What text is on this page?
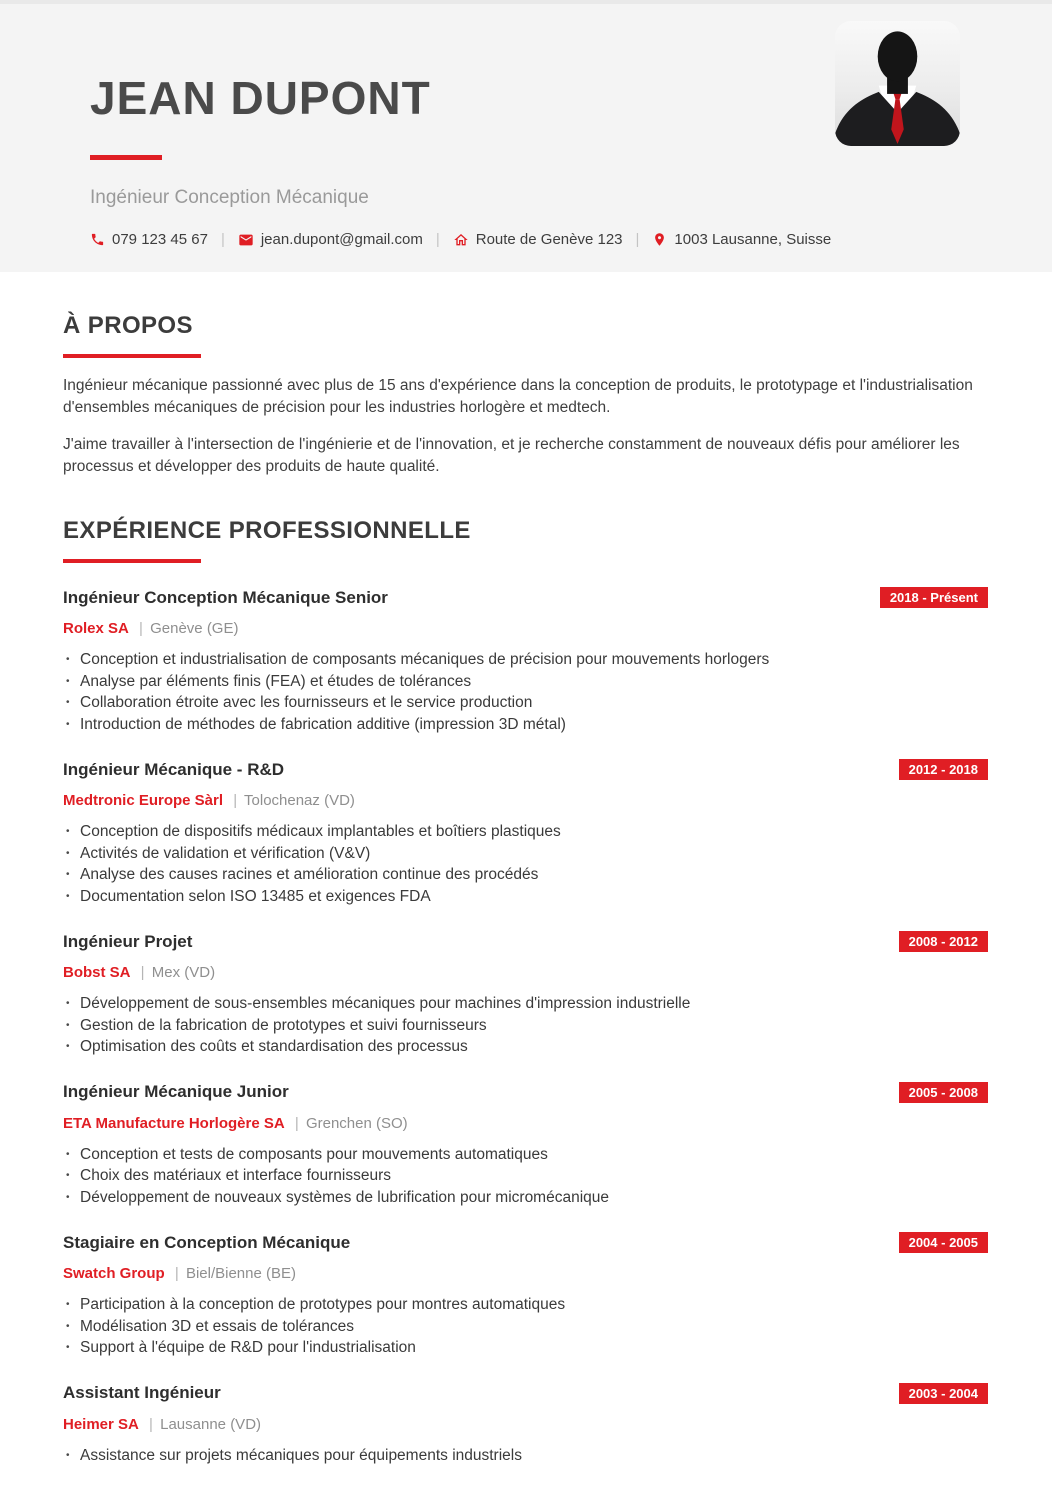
JEAN DUPONT
Ingénieur Conception Mécanique
079 123 45 67 | jean.dupont@gmail.com | Route de Genève 123 | 1003 Lausanne, Suisse
À PROPOS

Ingénieur mécanique passionné avec plus de 15 ans d'expérience dans la conception de produits, le prototypage et l'industrialisation d'ensembles mécaniques de précision pour les industries horlogère et medtech.

J'aime travailler à l'intersection de l'ingénierie et de l'innovation, et je recherche constamment de nouveaux défis pour améliorer les processus et développer des produits de haute qualité.

EXPÉRIENCE PROFESSIONNELLE
Ingénieur Conception Mécanique Senior	2018 - Présent
Rolex SA | Genève (GE)
• Conception et industrialisation de composants mécaniques de précision pour mouvements horlogers
• Analyse par éléments finis (FEA) et études de tolérances
• Collaboration étroite avec les fournisseurs et le service production
• Introduction de méthodes de fabrication additive (impression 3D métal)
Ingénieur Mécanique - R&D	2012 - 2018
Medtronic Europe Sàrl | Tolochenaz (VD)
• Conception de dispositifs médicaux implantables et boîtiers plastiques
• Activités de validation et vérification (V&V)
• Analyse des causes racines et amélioration continue des procédés
• Documentation selon ISO 13485 et exigences FDA
Ingénieur Projet	2008 - 2012
Bobst SA | Mex (VD)
• Développement de sous-ensembles mécaniques pour machines d'impression industrielle
• Gestion de la fabrication de prototypes et suivi fournisseurs
• Optimisation des coûts et standardisation des processus
Ingénieur Mécanique Junior	2005 - 2008
ETA Manufacture Horlogère SA | Grenchen (SO)
• Conception et tests de composants pour mouvements automatiques
• Choix des matériaux et interface fournisseurs
• Développement de nouveaux systèmes de lubrification pour micromécanique
Stagiaire en Conception Mécanique	2004 - 2005
Swatch Group | Biel/Bienne (BE)
• Participation à la conception de prototypes pour montres automatiques
• Modélisation 3D et essais de tolérances
• Support à l'équipe de R&D pour l'industrialisation
Assistant Ingénieur	2003 - 2004
Heimer SA | Lausanne (VD)
• Assistance sur projets mécaniques pour équipements industriels
